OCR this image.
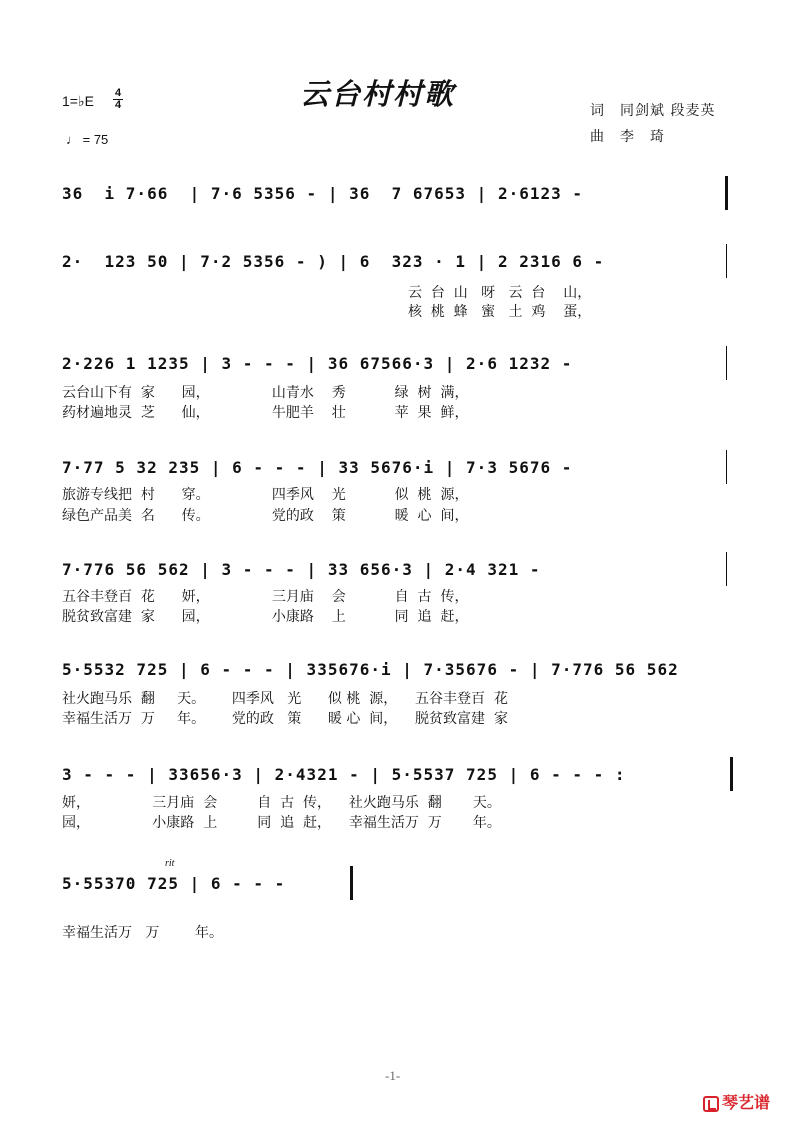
云台村村歌
1=♭E 4
4
♩ = 75
词　同剑斌 段麦英
曲　李　琦
36  i 7·66  | 7·6 5356 - | 36  7 67653 | 2·6123 -
2·  123 50 | 7·2 5356 - ) | 6  323 · 1 | 2 2316 6 -
云  台  山   呀   云  台    山，
核  桃  蜂   蜜   土  鸡    蛋，
2·226 1 1235 | 3 - - - | 36 67566·3 | 2·6 1232 -
云台山下有  家      园，              山青水    秀           绿  树  满，
药材遍地灵  芝      仙，              牛肥羊    壮           苹  果  鲜，
7·77 5 32 235 | 6 - - - | 33 5676·i | 7·3 5676 -
旅游专线把  村      穿。              四季风    光           似  桃  源，
绿色产品美  名      传。              党的政    策           暖  心  间，
7·776 56 562 | 3 - - - | 33 656·3 | 2·4 321 -
五谷丰登百  花      妍，              三月庙    会           自  古  传，
脱贫致富建  家      园，              小康路    上           同  追  赶，
5·5532 725 | 6 - - - | 335676·i | 7·35676 - | 7·776 56 562
社火跑马乐  翻     天。      四季风   光      似 桃  源，    五谷丰登百  花
幸福生活万  万     年。      党的政   策      暖 心  间，    脱贫致富建  家
3 - - - | 33656·3 | 2·4321 - | 5·5537 725 | 6 - - - :
妍，              三月庙  会         自  古  传，    社火跑马乐  翻       天。
园，              小康路  上         同  追  赶，    幸福生活万  万       年。
rit
5·55370 725 | 6 - - -
幸福生活万   万        年。
-1-
琴艺谱
